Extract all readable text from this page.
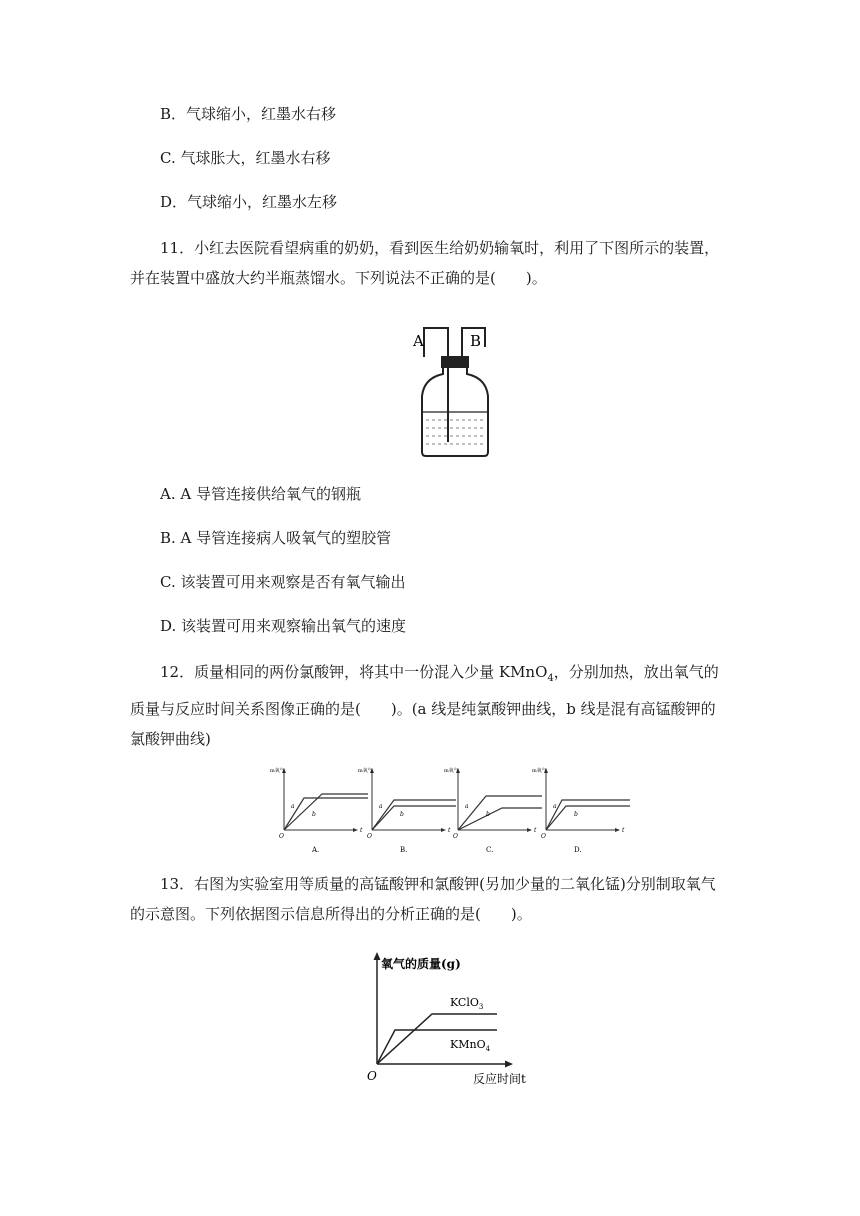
B．气球缩小，红墨水右移
C. 气球胀大，红墨水右移
D．气球缩小，红墨水左移
11．小红去医院看望病重的奶奶，看到医生给奶奶输氧时，利用了下图所示的装置，并在装置中盛放大约半瓶蒸馏水。下列说法不正确的是(　　)。
A	B
A. A 导管连接供给氧气的钢瓶
B. A 导管连接病人吸氧气的塑胶管
C. 该装置可用来观察是否有氧气输出
D. 该装置可用来观察输出氧气的速度
12．质量相同的两份氯酸钾，将其中一份混入少量 KMnO$_4$，分别加热，放出氧气的质量与反应时间关系图像正确的是(　　)。(a 线是纯氯酸钾曲线，b 线是混有高锰酸钾的氯酸钾曲线)
m氧气
t
O
a
b
A.
m氧气
t
O
a
b
B.
m氧气
t
O
a
b
C.
m氧气
t
O
a
b
D.
13．右图为实验室用等质量的高锰酸钾和氯酸钾(另加少量的二氧化锰)分别制取氧气的示意图。下列依据图示信息所得出的分析正确的是(　　)。
氧气的质量(g)
O	反应时间t
KClO$_3$
KMnO$_4$
